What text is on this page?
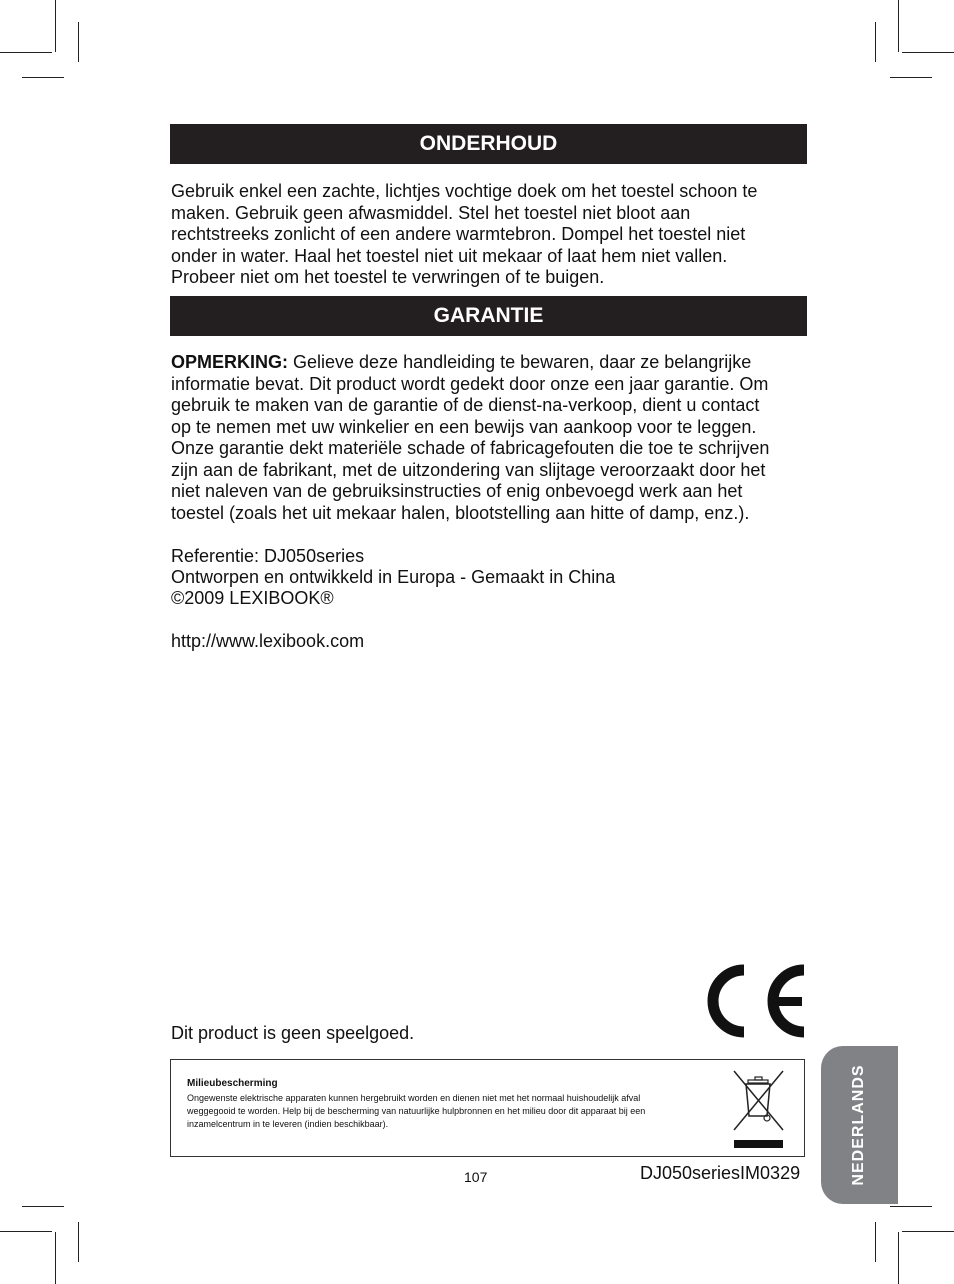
ONDERHOUD
Gebruik enkel een zachte, lichtjes vochtige doek om het toestel schoon te
maken. Gebruik geen afwasmiddel. Stel het toestel niet bloot aan
rechtstreeks zonlicht of een andere warmtebron. Dompel het toestel niet
onder in water. Haal het toestel niet uit mekaar of laat hem niet vallen.
Probeer niet om het toestel te verwringen of te buigen.
GARANTIE
OPMERKING: Gelieve deze handleiding te bewaren, daar ze belangrijke
informatie bevat. Dit product wordt gedekt door onze een jaar garantie. Om
gebruik te maken van de garantie of de dienst-na-verkoop, dient u contact
op te nemen met uw winkelier en een bewijs van aankoop voor te leggen.
Onze garantie dekt materiële schade of fabricagefouten die toe te schrijven
zijn aan de fabrikant, met de uitzondering van slijtage veroorzaakt door het
niet naleven van de gebruiksinstructies of enig onbevoegd werk aan het
toestel (zoals het uit mekaar halen, blootstelling aan hitte of damp, enz.).
Referentie: DJ050series
Ontworpen en ontwikkeld in Europa - Gemaakt in China
©2009 LEXIBOOK®
http://www.lexibook.com
Dit product is geen speelgoed.
Milieubescherming
Ongewenste elektrische apparaten kunnen hergebruikt worden en dienen niet met het normaal huishoudelijk afval
weggegooid te worden. Help bij de bescherming van natuurlijke hulpbronnen en het milieu door dit apparaat bij een
inzamelcentrum in te leveren (indien beschikbaar).
107	DJ050seriesIM0329	NEDERLANDS
